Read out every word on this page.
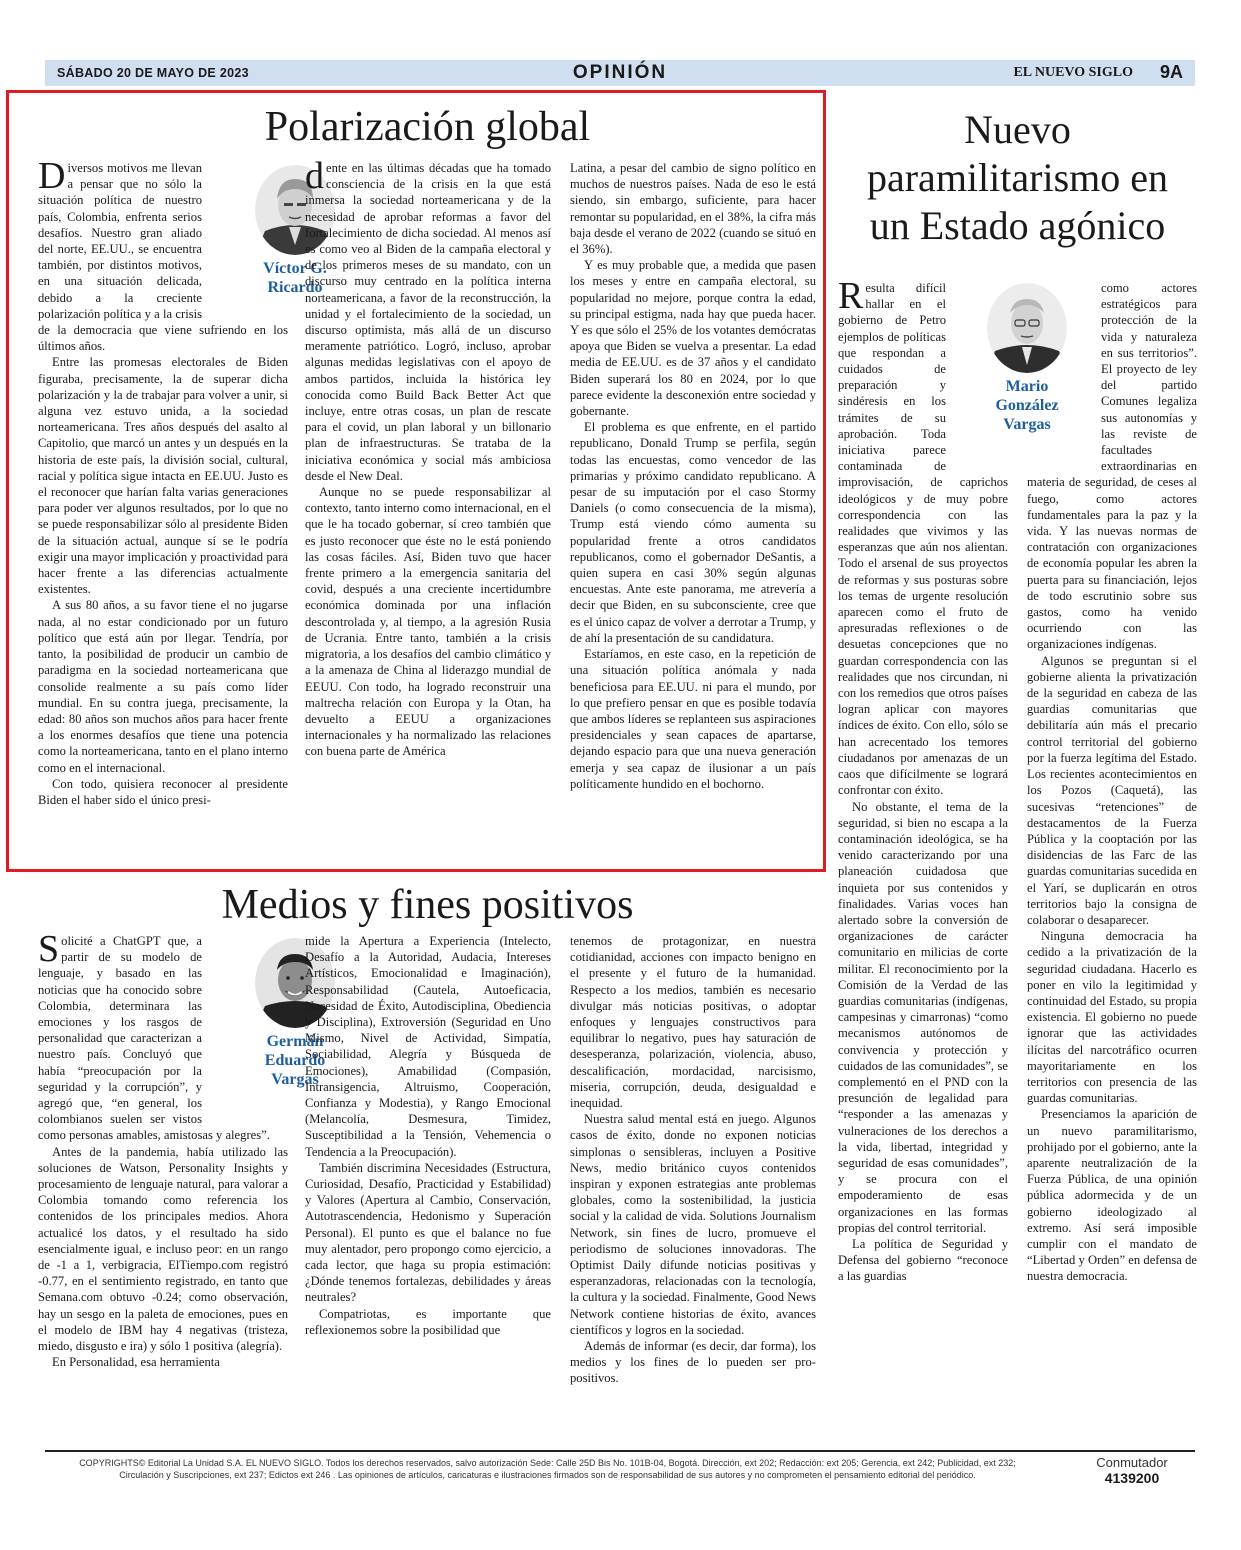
SÁBADO 20 DE MAYO DE 2023	OPINIÓN	EL NUEVO SIGLO 9A
Polarización global
Víctor G.
Ricardo

Diversos motivos me llevan a pensar que no sólo la situación política de nuestro país, Colombia, enfrenta serios desafíos. Nuestro gran aliado del norte, EE.UU., se encuentra también, por distintos motivos, en una situación delicada, debido a la creciente polarización política y a la crisis de la democracia que viene sufriendo en los últimos años.

Entre las promesas electorales de Biden figuraba, precisamente, la de superar dicha polarización y la de trabajar para volver a unir, si alguna vez estuvo unida, a la sociedad norteamericana. Tres años después del asalto al Capitolio, que marcó un antes y un después en la historia de este país, la división social, cultural, racial y política sigue intacta en EE.UU. Justo es el reconocer que harían falta varias generaciones para poder ver algunos resultados, por lo que no se puede responsabilizar sólo al presidente Biden de la situación actual, aunque sí se le podría exigir una mayor implicación y proactividad para hacer frente a las diferencias actualmente existentes.

A sus 80 años, a su favor tiene el no jugarse nada, al no estar condicionado por un futuro político que está aún por llegar. Tendría, por tanto, la posibilidad de producir un cambio de paradigma en la sociedad norteamericana que consolide realmente a su país como líder mundial. En su contra juega, precisamente, la edad: 80 años son muchos años para hacer frente a los enormes desafíos que tiene una potencia como la norteamericana, tanto en el plano interno como en el internacional.

Con todo, quisiera reconocer al presidente Biden el haber sido el único presi-

dente en las últimas décadas que ha tomado consciencia de la crisis en la que está inmersa la sociedad norteamericana y de la necesidad de aprobar reformas a favor del fortalecimiento de dicha sociedad. Al menos así es como veo al Biden de la campaña electoral y de los primeros meses de su mandato, con un discurso muy centrado en la política interna norteamericana, a favor de la reconstrucción, la unidad y el fortalecimiento de la sociedad, un discurso optimista, más allá de un discurso meramente patriótico. Logró, incluso, aprobar algunas medidas legislativas con el apoyo de ambos partidos, incluida la histórica ley conocida como Build Back Better Act que incluye, entre otras cosas, un plan de rescate para el covid, un plan laboral y un billonario plan de infraestructuras. Se trataba de la iniciativa económica y social más ambiciosa desde el New Deal.

Aunque no se puede responsabilizar al contexto, tanto interno como internacional, en el que le ha tocado gobernar, sí creo también que es justo reconocer que éste no le está poniendo las cosas fáciles. Así, Biden tuvo que hacer frente primero a la emergencia sanitaria del covid, después a una creciente incertidumbre económica dominada por una inflación descontrolada y, al tiempo, a la agresión Rusia de Ucrania. Entre tanto, también a la crisis migratoria, a los desafíos del cambio climático y a la amenaza de China al liderazgo mundial de EEUU. Con todo, ha logrado reconstruir una maltrecha relación con Europa y la Otan, ha devuelto a EEUU a organizaciones internacionales y ha normalizado las relaciones con buena parte de América

Latina, a pesar del cambio de signo político en muchos de nuestros países. Nada de eso le está siendo, sin embargo, suficiente, para hacer remontar su popularidad, en el 38%, la cifra más baja desde el verano de 2022 (cuando se situó en el 36%).

Y es muy probable que, a medida que pasen los meses y entre en campaña electoral, su popularidad no mejore, porque contra la edad, su principal estigma, nada hay que pueda hacer. Y es que sólo el 25% de los votantes demócratas apoya que Biden se vuelva a presentar. La edad media de EE.UU. es de 37 años y el candidato Biden superará los 80 en 2024, por lo que parece evidente la desconexión entre sociedad y gobernante.

El problema es que enfrente, en el partido republicano, Donald Trump se perfila, según todas las encuestas, como vencedor de las primarias y próximo candidato republicano. A pesar de su imputación por el caso Stormy Daniels (o como consecuencia de la misma), Trump está viendo cómo aumenta su popularidad frente a otros candidatos republicanos, como el gobernador DeSantis, a quien supera en casi 30% según algunas encuestas. Ante este panorama, me atrevería a decir que Biden, en su subconsciente, cree que es el único capaz de volver a derrotar a Trump, y de ahí la presentación de su candidatura.

Estaríamos, en este caso, en la repetición de una situación política anómala y nada beneficiosa para EE.UU. ni para el mundo, por lo que prefiero pensar en que es posible todavía que ambos líderes se replanteen sus aspiraciones presidenciales y sean capaces de apartarse, dejando espacio para que una nueva generación emerja y sea capaz de ilusionar a un país políticamente hundido en el bochorno.

Nuevo
paramilitarismo en
un Estado agónico
Mario
González
Vargas

Resulta difícil hallar en el gobierno de Petro ejemplos de políticas que respondan a cuidados de preparación y sindéresis en los trámites de su aprobación. Toda iniciativa parece contaminada de improvisación, de caprichos ideológicos y de muy pobre correspondencia con las realidades que vivimos y las esperanzas que aún nos alientan. Todo el arsenal de sus proyectos de reformas y sus posturas sobre los temas de urgente resolución aparecen como el fruto de apresuradas reflexiones o de desuetas concepciones que no guardan correspondencia con las realidades que nos circundan, ni con los remedios que otros países logran aplicar con mayores índices de éxito. Con ello, sólo se han acrecentado los temores ciudadanos por amenazas de un caos que difícilmente se logrará confrontar con éxito.

No obstante, el tema de la seguridad, si bien no escapa a la contaminación ideológica, se ha venido caracterizando por una planeación cuidadosa que inquieta por sus contenidos y finalidades. Varias voces han alertado sobre la conversión de organizaciones de carácter comunitario en milicias de corte militar. El reconocimiento por la Comisión de la Verdad de las guardias comunitarias (indígenas, campesinas y cimarronas) “como mecanismos autónomos de convivencia y protección y cuidados de las comunidades”, se complementó en el PND con la presunción de legalidad para “responder a las amenazas y vulneraciones de los derechos a la vida, libertad, integridad y seguridad de esas comunidades”, y se procura con el empoderamiento de esas organizaciones en las formas propias del control territorial.

La política de Seguridad y Defensa del gobierno “reconoce a las guardias

como actores estratégicos para protección de la vida y naturaleza en sus territorios”. El proyecto de ley del partido Comunes legaliza sus autonomías y las reviste de facultades extraordinarias en materia de seguridad, de ceses al fuego, como actores fundamentales para la paz y la vida. Y las nuevas normas de contratación con organizaciones de economía popular les abren la puerta para su financiación, lejos de todo escrutinio sobre sus gastos, como ha venido ocurriendo con las organizaciones indígenas.

Algunos se preguntan si el gobierne alienta la privatización de la seguridad en cabeza de las guardias comunitarias que debilitaría aún más el precario control territorial del gobierno por la fuerza legítima del Estado. Los recientes acontecimientos en los Pozos (Caquetá), las sucesivas “retenciones” de destacamentos de la Fuerza Pública y la cooptación por las disidencias de las Farc de las guardas comunitarias sucedida en el Yarí, se duplicarán en otros territorios bajo la consigna de colaborar o desaparecer.

Ninguna democracia ha cedido a la privatización de la seguridad ciudadana. Hacerlo es poner en vilo la legitimidad y continuidad del Estado, su propia existencia. El gobierno no puede ignorar que las actividades ilícitas del narcotráfico ocurren mayoritariamente en los territorios con presencia de las guardas comunitarias.

Presenciamos la aparición de un nuevo paramilitarismo, prohijado por el gobierno, ante la aparente neutralización de la Fuerza Pública, de una opinión pública adormecida y de un gobierno ideologizado al extremo. Así será imposible cumplir con el mandato de “Libertad y Orden” en defensa de nuestra democracia.

Medios y fines positivos
Germán
Eduardo
Vargas

Solicité a ChatGPT que, a partir de su modelo de lenguaje, y basado en las noticias que ha conocido sobre Colombia, determinara las emociones y los rasgos de personalidad que caracterizan a nuestro país. Concluyó que había “preocupación por la seguridad y la corrupción”, y agregó que, “en general, los colombianos suelen ser vistos como personas amables, amistosas y alegres”.

Antes de la pandemia, había utilizado las soluciones de Watson, Personality Insights y procesamiento de lenguaje natural, para valorar a Colombia tomando como referencia los contenidos de los principales medios. Ahora actualicé los datos, y el resultado ha sido esencialmente igual, e incluso peor: en un rango de -1 a 1, verbigracia, ElTiempo.com registró -0.77, en el sentimiento registrado, en tanto que Semana.com obtuvo -0.24; como observación, hay un sesgo en la paleta de emociones, pues en el modelo de IBM hay 4 negativas (tristeza, miedo, disgusto e ira) y sólo 1 positiva (alegría).

En Personalidad, esa herramienta

mide la Apertura a Experiencia (Intelecto, Desafío a la Autoridad, Audacia, Intereses Artísticos, Emocionalidad e Imaginación), Responsabilidad (Cautela, Autoeficacia, Necesidad de Éxito, Autodisciplina, Obediencia y Disciplina), Extroversión (Seguridad en Uno Mismo, Nivel de Actividad, Simpatía, Sociabilidad, Alegría y Búsqueda de Emociones), Amabilidad (Compasión, Intransigencia, Altruismo, Cooperación, Confianza y Modestia), y Rango Emocional (Melancolía, Desmesura, Timidez, Susceptibilidad a la Tensión, Vehemencia o Tendencia a la Preocupación).

También discrimina Necesidades (Estructura, Curiosidad, Desafío, Practicidad y Estabilidad) y Valores (Apertura al Cambio, Conservación, Autotrascendencia, Hedonismo y Superación Personal). El punto es que el balance no fue muy alentador, pero propongo como ejercicio, a cada lector, que haga su propia estimación: ¿Dónde tenemos fortalezas, debilidades y áreas neutrales?

Compatriotas, es importante que reflexionemos sobre la posibilidad que

tenemos de protagonizar, en nuestra cotidianidad, acciones con impacto benigno en el presente y el futuro de la humanidad. Respecto a los medios, también es necesario divulgar más noticias positivas, o adoptar enfoques y lenguajes constructivos para equilibrar lo negativo, pues hay saturación de desesperanza, polarización, violencia, abuso, descalificación, mordacidad, narcisismo, miseria, corrupción, deuda, desigualdad e inequidad.

Nuestra salud mental está en juego. Algunos casos de éxito, donde no exponen noticias simplonas o sensibleras, incluyen a Positive News, medio británico cuyos contenidos inspiran y exponen estrategias ante problemas globales, como la sostenibilidad, la justicia social y la calidad de vida. Solutions Journalism Network, sin fines de lucro, promueve el periodismo de soluciones innovadoras. The Optimist Daily difunde noticias positivas y esperanzadoras, relacionadas con la tecnología, la cultura y la sociedad. Finalmente, Good News Network contiene historias de éxito, avances científicos y logros en la sociedad.

Además de informar (es decir, dar forma), los medios y los fines de lo pueden ser pro-positivos.

COPYRIGHTS© Editorial La Unidad S.A. EL NUEVO SIGLO. Todos los derechos reservados, salvo autorización Sede: Calle 25D Bis No. 101B-04, Bogotá. Dirección, ext 202; Redacción: ext 205; Gerencia, ext 242; Publicidad, ext 232;
Circulación y Suscripciones, ext 237; Edictos ext 246 . Las opiniones de artículos, caricaturas e ilustraciones firmados son de responsabilidad de sus autores y no comprometen el pensamiento editorial del periódico.
Conmutador
4139200
